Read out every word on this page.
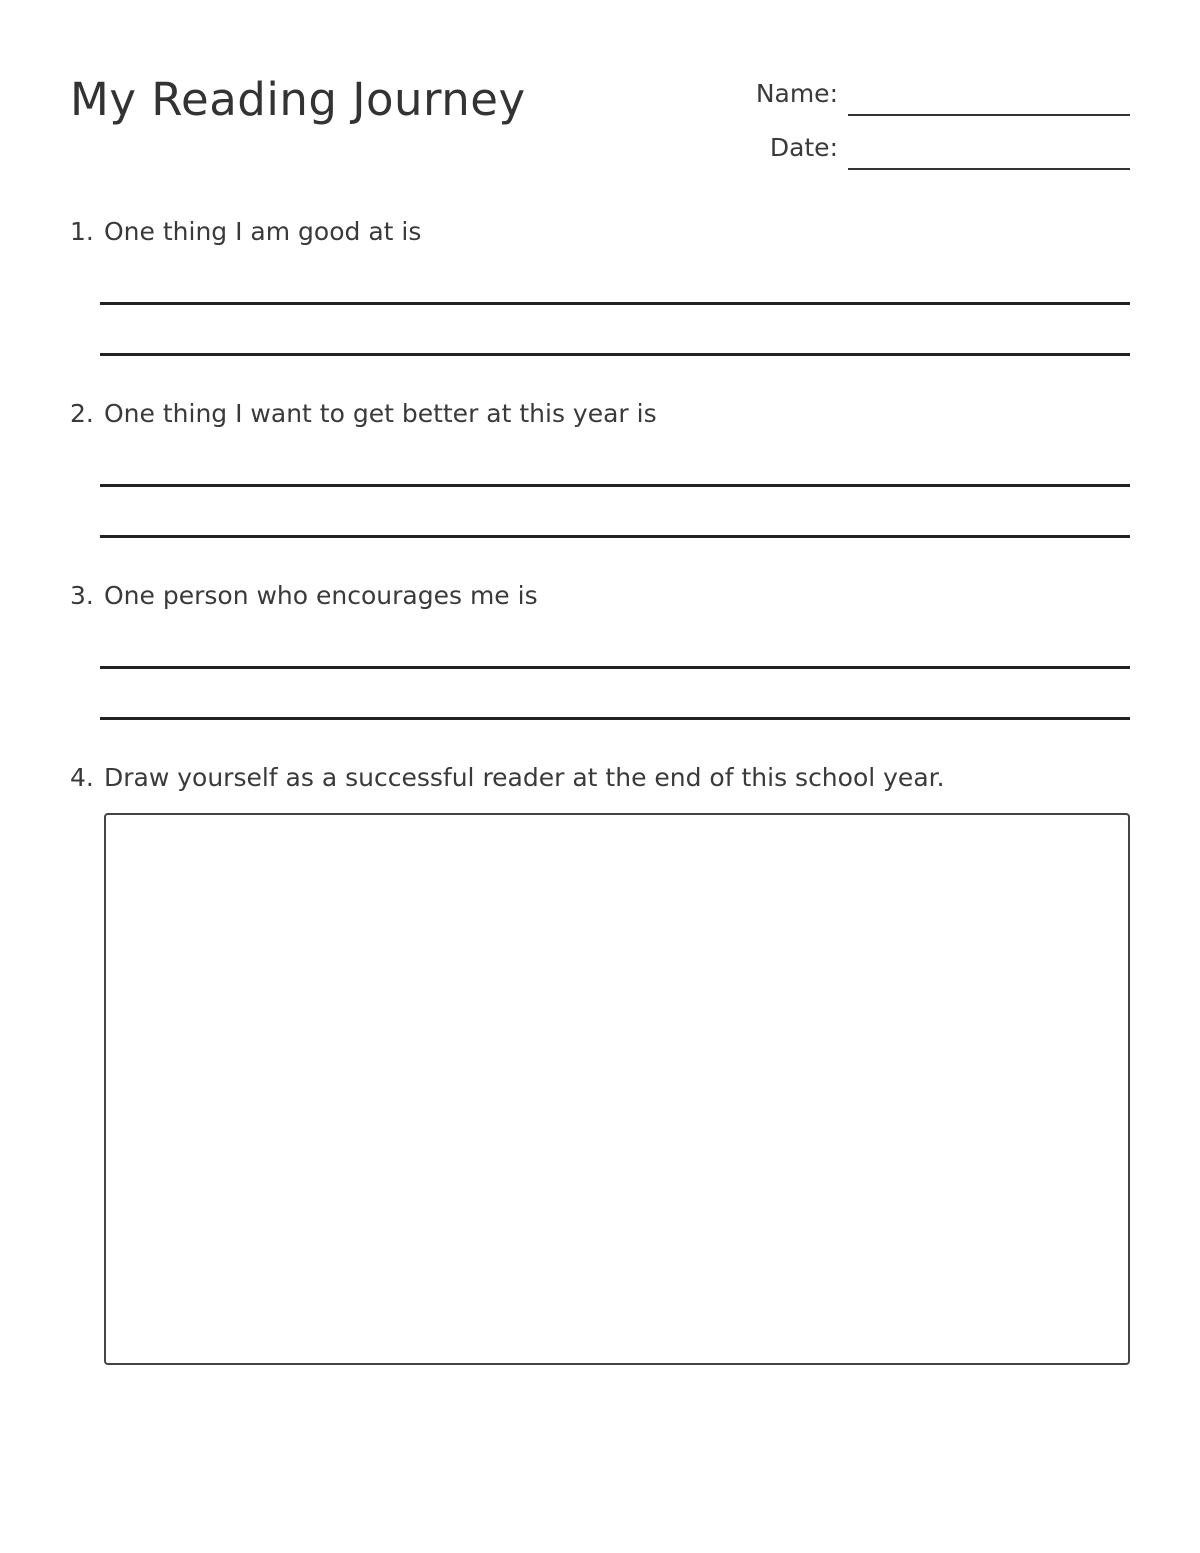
My Reading Journey	Name:
Date:
1. One thing I am good at is
2. One thing I want to get better at this year is
3. One person who encourages me is
4. Draw yourself as a successful reader at the end of this school year.
